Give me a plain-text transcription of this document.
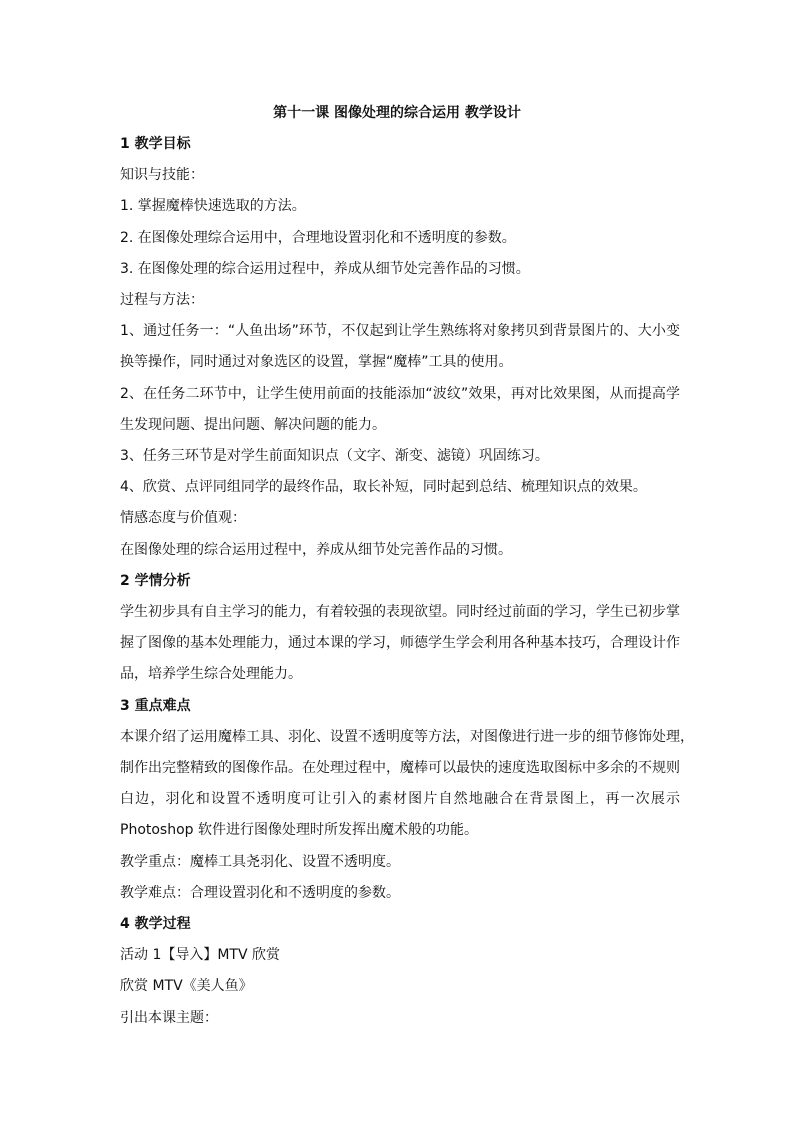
第十一课 图像处理的综合运用 教学设计
1 教学目标
知识与技能：
1. 掌握魔棒快速选取的方法。
2. 在图像处理综合运用中，合理地设置羽化和不透明度的参数。
3. 在图像处理的综合运用过程中，养成从细节处完善作品的习惯。
过程与方法：
1、通过任务一：“人鱼出场”环节，不仅起到让学生熟练将对象拷贝到背景图片的、大小变
换等操作，同时通过对象选区的设置，掌握“魔棒”工具的使用。
2、在任务二环节中，让学生使用前面的技能添加“波纹”效果，再对比效果图，从而提高学
生发现问题、提出问题、解决问题的能力。
3、任务三环节是对学生前面知识点（文字、渐变、滤镜）巩固练习。
4、欣赏、点评同组同学的最终作品，取长补短，同时起到总结、梳理知识点的效果。
情感态度与价值观：
在图像处理的综合运用过程中，养成从细节处完善作品的习惯。
2 学情分析
学生初步具有自主学习的能力，有着较强的表现欲望。同时经过前面的学习，学生已初步掌
握了图像的基本处理能力，通过本课的学习，师德学生学会利用各种基本技巧，合理设计作
品，培养学生综合处理能力。
3 重点难点
本课介绍了运用魔棒工具、羽化、设置不透明度等方法，对图像进行进一步的细节修饰处理，
制作出完整精致的图像作品。在处理过程中，魔棒可以最快的速度选取图标中多余的不规则
白边，羽化和设置不透明度可让引入的素材图片自然地融合在背景图上，再一次展示
Photoshop 软件进行图像处理时所发挥出魔术般的功能。
教学重点：魔棒工具尧羽化、设置不透明度。
教学难点：合理设置羽化和不透明度的参数。
4 教学过程
活动 1【导入】MTV 欣赏
欣赏 MTV《美人鱼》
引出本课主题：
